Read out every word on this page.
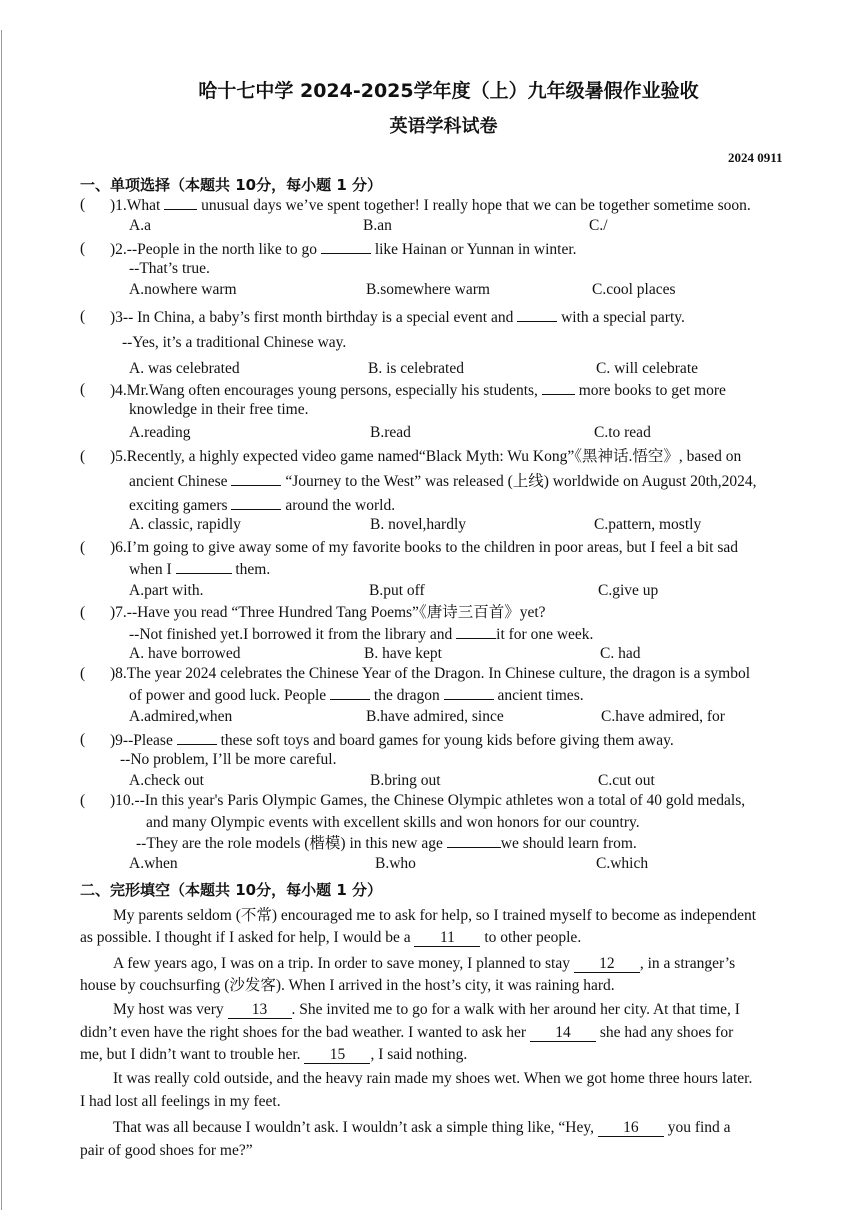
哈十七中学 2024-2025学年度（上）九年级暑假作业验收
英语学科试卷
2024 0911
一、单项选择（本题共 10分，每小题 1 分）
( )1.What  unusual days we’ve spent together! I really hope that we can be together sometime soon.
A.a	B.an	C./
( )2.--People in the north like to go	like Hainan or Yunnan in winter.
--That’s true.
A.nowhere warm	B.somewhere warm	C.cool places
( )3-- In China, a baby’s first month birthday is a special event and	with a special party.
--Yes, it’s a traditional Chinese way.
A. was celebrated	B. is celebrated	C. will celebrate
( )4.Mr.Wang often encourages young persons, especially his students,  more books to get more
knowledge in their free time.
A.reading	B.read	C.to read
( )5.Recently, a highly expected video game named“Black Myth: Wu Kong”《黑神话.悟空》, based on
ancient Chinese	“Journey to the West” was released (上线) worldwide on August 20th,2024,
exciting gamers	around the world.
A. classic, rapidly	B. novel,hardly	C.pattern, mostly
( )6.I’m going to give away some of my favorite books to the children in poor areas, but I feel a bit sad
when I	them.
A.part with.	B.put off	C.give up
( )7.--Have you read “Three Hundred Tang Poems”《唐诗三百首》yet?
--Not finished yet.I borrowed it from the library and	it for one week.
A. have borrowed	B. have kept	C. had
( )8.The year 2024 celebrates the Chinese Year of the Dragon. In Chinese culture, the dragon is a symbol
of power and good luck. People	the dragon	ancient times.
A.admired,when	B.have admired, since	C.have admired, for
( )9--Please	these soft toys and board games for young kids before giving them away.
--No problem, I’ll be more careful.
A.check out	B.bring out	C.cut out
( )10.--In this year's Paris Olympic Games, the Chinese Olympic athletes won a total of 40 gold medals,
and many Olympic events with excellent skills and won honors for our country.
--They are the role models (楷模) in this new age	we should learn from.
A.when	B.who	C.which
二、完形填空（本题共 10分，每小题 1 分）
My parents seldom (不常) encouraged me to ask for help, so I trained myself to become as independent
as possible. I thought if I asked for help, I would be a 11 to other people.
A few years ago, I was on a trip. In order to save money, I planned to stay 12 , in a stranger’s
house by couchsurfing (沙发客). When I arrived in the host’s city, it was raining hard.
My host was very 13 . She invited me to go for a walk with her around her city. At that time, I
didn’t even have the right shoes for the bad weather. I wanted to ask her 14 she had any shoes for
me, but I didn’t want to trouble her. 15 , I said nothing.
It was really cold outside, and the heavy rain made my shoes wet. When we got home three hours later.
I had lost all feelings in my feet.
That was all because I wouldn’t ask. I wouldn’t ask a simple thing like, “Hey, 16 you find a
pair of good shoes for me?”
